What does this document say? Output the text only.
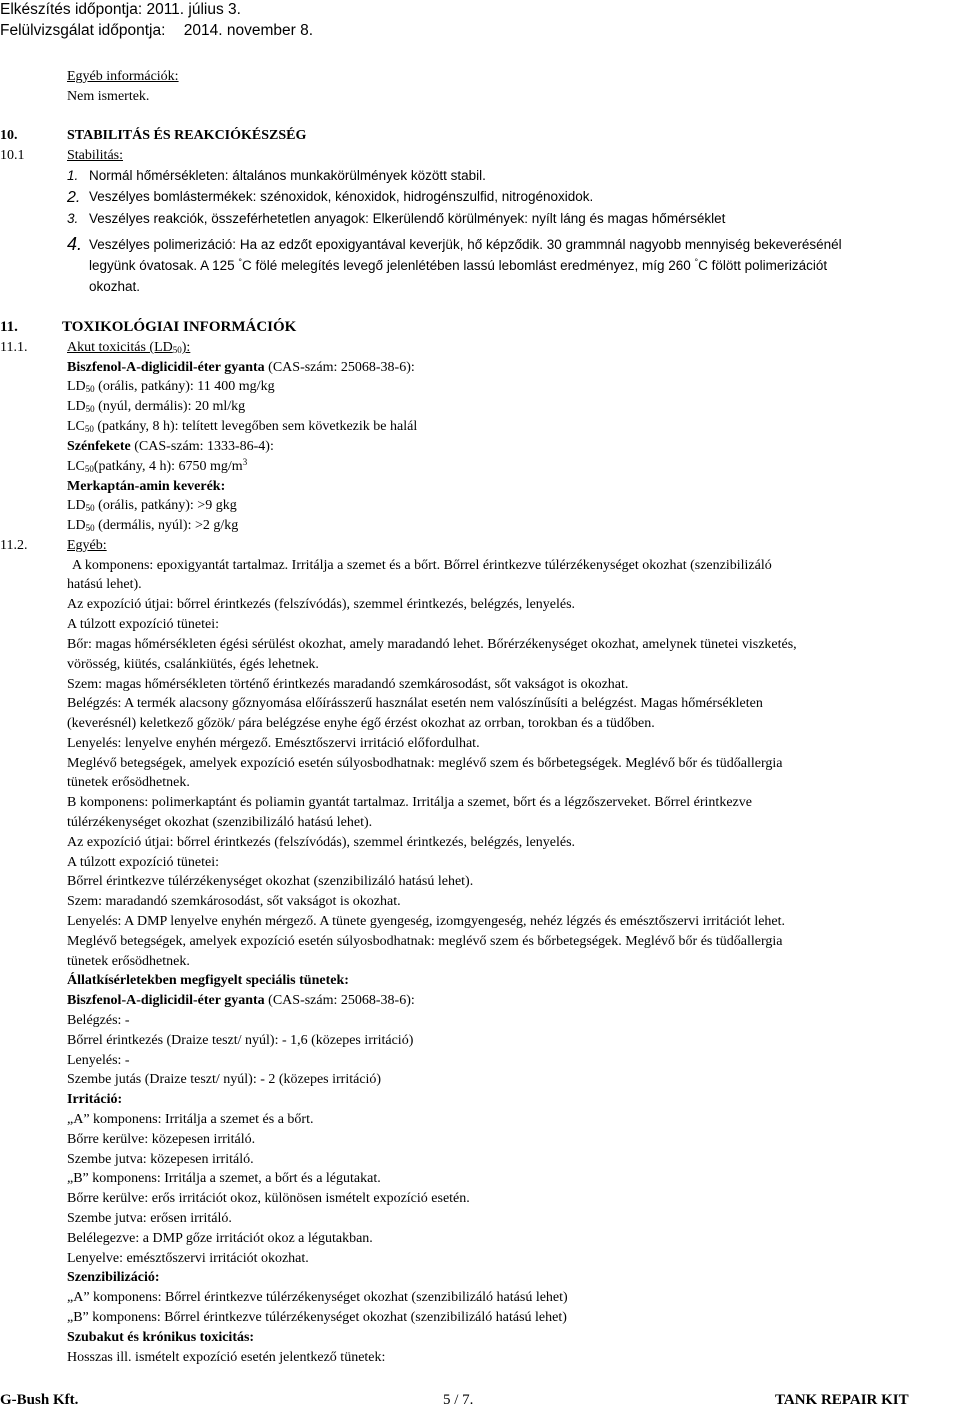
Elkészítés időpontja: 2011. július 3.
Felülvizsgálat időpontja: 2014. november 8.
Egyéb információk:
Nem ismertek.
10.	STABILITÁS ÉS REAKCIÓKÉSZSÉG
10.1	Stabilitás:
1. Normál hőmérsékleten: általános munkakörülmények között stabil.
2. Veszélyes bomlástermékek: szénoxidok, kénoxidok, hidrogénszulfid, nitrogénoxidok.
3. Veszélyes reakciók, összeférhetetlen anyagok: Elkerülendő körülmények: nyílt láng és magas hőmérséklet
4. Veszélyes polimerizáció: Ha az edzőt epoxigyantával keverjük, hő képződik. 30 grammnál nagyobb mennyiség bekeverésénél
legyünk óvatosak. A 125 °C fölé melegítés levegő jelenlétében lassú lebomlást eredményez, míg 260 °C fölött polimerizációt
okozhat.
11.	TOXIKOLÓGIAI INFORMÁCIÓK
11.1.	Akut toxicitás $(LD_{50})$:
Biszfenol-A-diglicidil-éter gyanta (CAS-szám: 25068-38-6):
$LD_{50}$ (orális, patkány): 11 400 mg/kg
$LD_{50}$ (nyúl, dermális): 20 ml/kg
$LC_{50}$ (patkány, 8 h): telített levegőben sem következik be halál
Szénfekete (CAS-szám: 1333-86-4):
$LC_{50}(patkány$, 4 h): 6750 $mg/m^3$
Merkaptán-amin keverék:
$LD_{50}$ (orális, patkány): >9 gkg
$LD_{50}$ (dermális, nyúl): >2 g/kg
11.2.	Egyéb:
A komponens: epoxigyantát tartalmaz. Irritálja a szemet és a bőrt. Bőrrel érintkezve túlérzékenységet okozhat (szenzibilizáló
hatású lehet).
Az expozíció útjai: bőrrel érintkezés (felszívódás), szemmel érintkezés, belégzés, lenyelés.
A túlzott expozíció tünetei:
Bőr: magas hőmérsékleten égési sérülést okozhat, amely maradandó lehet. Bőrérzékenységet okozhat, amelynek tünetei viszketés,
vörösség, kiütés, csalánkiütés, égés lehetnek.
Szem: magas hőmérsékleten történő érintkezés maradandó szemkárosodást, sőt vakságot is okozhat.
Belégzés: A termék alacsony gőznyomása előírásszerű használat esetén nem valószínűsíti a belégzést. Magas hőmérsékleten
(keverésnél) keletkező gőzök/ pára belégzése enyhe égő érzést okozhat az orrban, torokban és a tüdőben.
Lenyelés: lenyelve enyhén mérgező. Emésztőszervi irritáció előfordulhat.
Meglévő betegségek, amelyek expozíció esetén súlyosbodhatnak: meglévő szem és bőrbetegségek. Meglévő bőr és tüdőallergia
tünetek erősödhetnek.
B komponens: polimerkaptánt és poliamin gyantát tartalmaz. Irritálja a szemet, bőrt és a légzőszerveket. Bőrrel érintkezve
túlérzékenységet okozhat (szenzibilizáló hatású lehet).
Az expozíció útjai: bőrrel érintkezés (felszívódás), szemmel érintkezés, belégzés, lenyelés.
A túlzott expozíció tünetei:
Bőrrel érintkezve túlérzékenységet okozhat (szenzibilizáló hatású lehet).
Szem: maradandó szemkárosodást, sőt vakságot is okozhat.
Lenyelés: A DMP lenyelve enyhén mérgező. A tünete gyengeség, izomgyengeség, nehéz légzés és emésztőszervi irritációt lehet.
Meglévő betegségek, amelyek expozíció esetén súlyosbodhatnak: meglévő szem és bőrbetegségek. Meglévő bőr és tüdőallergia
tünetek erősödhetnek.
Állatkísérletekben megfigyelt speciális tünetek:
Biszfenol-A-diglicidil-éter gyanta (CAS-szám: 25068-38-6):
Belégzés: -
Bőrrel érintkezés (Draize teszt/ nyúl): - 1,6 (közepes irritáció)
Lenyelés: -
Szembe jutás (Draize teszt/ nyúl): - 2 (közepes irritáció)
Irritáció:
„A” komponens: Irritálja a szemet és a bőrt.
Bőrre kerülve: közepesen irritáló.
Szembe jutva: közepesen irritáló.
„B” komponens: Irritálja a szemet, a bőrt és a légutakat.
Bőrre kerülve: erős irritációt okoz, különösen ismételt expozíció esetén.
Szembe jutva: erősen irritáló.
Belélegezve: a DMP gőze irritációt okoz a légutakban.
Lenyelve: emésztőszervi irritációt okozhat.
Szenzibilizáció:
„A” komponens: Bőrrel érintkezve túlérzékenységet okozhat (szenzibilizáló hatású lehet)
„B” komponens: Bőrrel érintkezve túlérzékenységet okozhat (szenzibilizáló hatású lehet)
Szubakut és krónikus toxicitás:
Hosszas ill. ismételt expozíció esetén jelentkező tünetek:
G-Bush Kft.	5 / 7.	TANK REPAIR KIT
